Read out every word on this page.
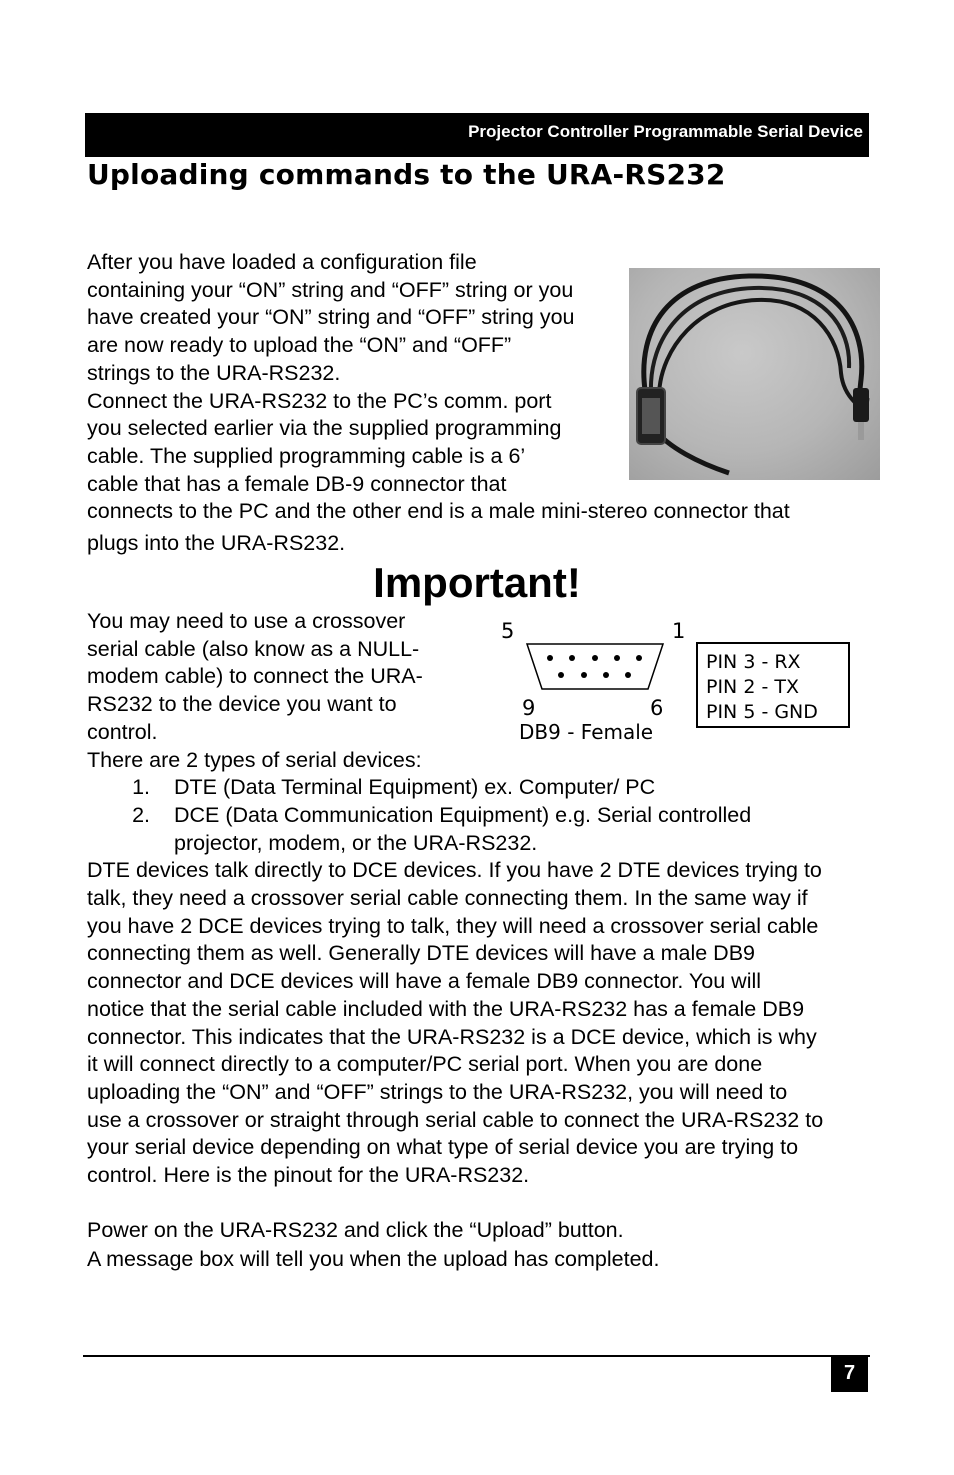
Projector Controller Programmable Serial Device
Uploading commands to the URA-RS232
After you have loaded a configuration file
containing your “ON” string and “OFF” string or you
have created your “ON” string and “OFF” string you
are now ready to upload the “ON” and “OFF”
strings to the URA-RS232.
Connect the URA-RS232 to the PC’s comm. port
you selected earlier via the supplied programming
cable. The supplied programming cable is a 6’
cable that has a female DB-9 connector that
connects to the PC and the other end is a male mini-stereo connector that
plugs into the URA-RS232.
Important!
You may need to use a crossover
serial cable (also know as a NULL-
modem cable) to connect the URA-
RS232 to the device you want to
control.
There are 2 types of serial devices:
5	1
9	6
DB9 - Female
PIN 3 - RX
PIN 2 - TX
PIN 5 - GND
1. DTE (Data Terminal Equipment) ex. Computer/ PC
2. DCE (Data Communication Equipment) e.g. Serial controlled
projector, modem, or the URA-RS232.
DTE devices talk directly to DCE devices. If you have 2 DTE devices trying to
talk, they need a crossover serial cable connecting them. In the same way if
you have 2 DCE devices trying to talk, they will need a crossover serial cable
connecting them as well. Generally DTE devices will have a male DB9
connector and DCE devices will have a female DB9 connector. You will
notice that the serial cable included with the URA-RS232 has a female DB9
connector. This indicates that the URA-RS232 is a DCE device, which is why
it will connect directly to a computer/PC serial port. When you are done
uploading the “ON” and “OFF” strings to the URA-RS232, you will need to
use a crossover or straight through serial cable to connect the URA-RS232 to
your serial device depending on what type of serial device you are trying to
control. Here is the pinout for the URA-RS232.
Power on the URA-RS232 and click the “Upload” button.
A message box will tell you when the upload has completed.
7
